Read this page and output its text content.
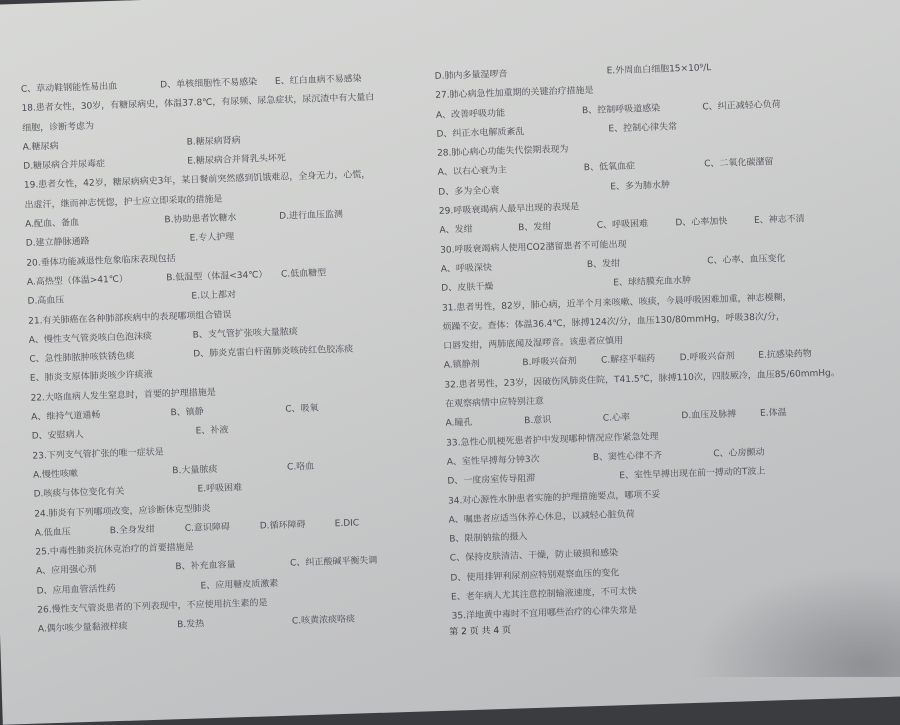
C、草动鞋钢能性易出血	D、单核细胞性不易感染 E、红白血病不易感染
18.患者女性，30岁，有糖尿病史，体温37.8℃，有尿频、尿急症状，尿沉渣中有大量白
细胞，诊断考虑为
A.糖尿病	B.糖尿病肾病
D.糖尿病合并尿毒症	E.糖尿病合并肾乳头坏死
19.患者女性，42岁，糖尿病病史3年，某日餐前突然感到饥饿难忍，全身无力，心慌，
出虚汗，继而神志恍惚，护士应立即采取的措施是
A.配血、备血	B.协助患者饮糖水	D.进行血压监测
D.建立静脉通路	E.专人护理
20.垂体功能减退性危象临床表现包括
A.高热型（体温>41℃）	B.低温型（体温<34℃） C.低血糖型
D.高血压	E.以上都对
21.有关肺癌在各种肺部疾病中的表现哪项组合错误
A、慢性支气管炎咳白色泡沫痰	B、支气管扩张咳大量脓痰
C、急性肺脓肿咳铁锈色痰	D、肺炎克雷白杆菌肺炎咳砖红色胶冻痰
E、肺炎支原体肺炎咳少许痰液
22.大咯血病人发生窒息时，首要的护理措施是
A、维持气道通畅	B、镇静	C、吸氧
D、安慰病人	E、补液
23.下列支气管扩张的唯一症状是
A.慢性咳嗽	B.大量脓痰	C.咯血
D.咳痰与体位变化有关	E.呼吸困难
24.肺炎有下列哪项改变，应诊断休克型肺炎
A.低血压	B.全身发绀	C.意识障碍	D.循环障碍	E.DIC
25.中毒性肺炎抗休克治疗的首要措施是
A、应用强心剂	B、补充血容量	C、纠正酸碱平衡失调
D、应用血管活性药	E、应用糖皮质激素
26.慢性支气管炎患者的下列表现中，不应使用抗生素的是
A.偶尔咳少量黏液样痰	B.发热	C.咳黄浓痰咯痰
D.肺内多量湿啰音	E.外周血白细胞15×10⁹/L
27.肺心病急性加重期的关键治疗措施是
A、改善呼吸功能	B、控制呼吸道感染	C、纠正减轻心负荷
D、纠正水电解质紊乱	E、控制心律失常
28.肺心病心功能失代偿期表现为
A、以右心衰为主	B、低氧血症	C、二氧化碳潴留
D、多为全心衰	E、多为肺水肿
29.呼吸衰竭病人最早出现的表现是
A、发绀	B、发绀	C、呼吸困难	D、心率加快	E、神志不清
30.呼吸衰竭病人使用CO2潴留患者不可能出现
A、呼吸深快	B、发绀	C、心率、血压变化
D、皮肤干燥	E、球结膜充血水肿
31.患者男性，82岁，肺心病，近半个月来咳嗽、咳痰，今晨呼吸困难加重，神志模糊，
烦躁不安。查体：体温36.4℃，脉搏124次/分，血压130/80mmHg，呼吸38次/分，
口唇发绀，两肺底闻及湿啰音。该患者应慎用
A.镇静剂	B.呼吸兴奋剂	C.解痉平喘药	D.呼吸兴奋剂	E.抗感染药物
32.患者男性，23岁，因破伤风肺炎住院，T41.5℃，脉搏110次，四肢厥冷，血压85/60mmHg。
在观察病情中应特别注意
A.瞳孔	B.意识	C.心率	D.血压及脉搏	E.体温
33.急性心肌梗死患者护中发现哪种情况应作紧急处理
A、室性早搏每分钟3次	B、窦性心律不齐	C、心房颤动
D、一度房室传导阻滞	E、室性早搏出现在前一搏动的T波上
34.对心源性水肿患者实施的护理措施要点，哪项不妥
A、嘱患者应适当休养心休息，以减轻心脏负荷
B、限制钠盐的摄入
C、保持皮肤清洁、干燥，防止破损和感染
D、使用排钾利尿剂应特别观察血压的变化
E、老年病人尤其注意控制输液速度，不可太快
35.洋地黄中毒时不宜用哪些治疗的心律失常是
第 2 页 共 4 页
